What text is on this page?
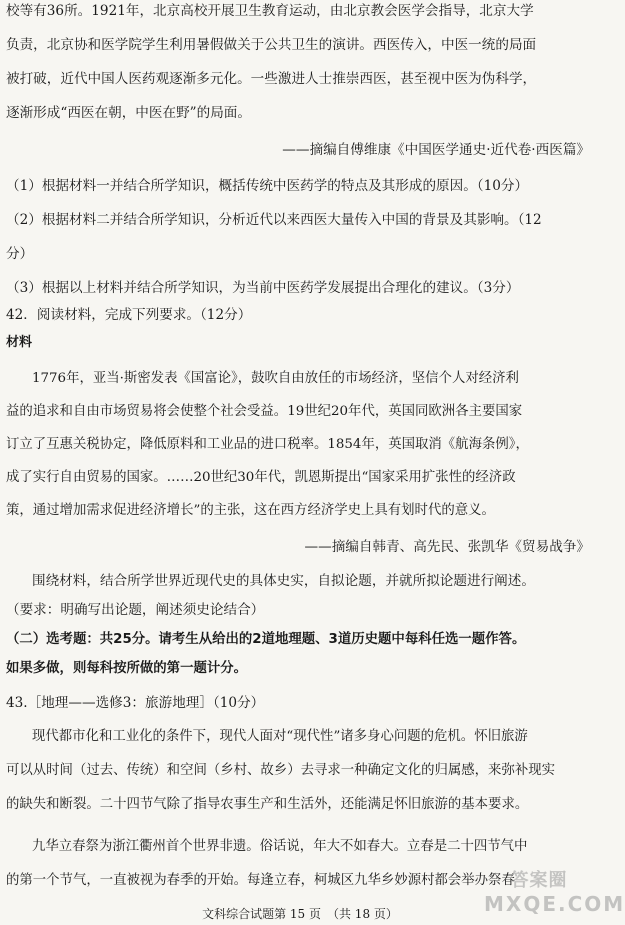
校等有36所。1921年，北京高校开展卫生教育运动，由北京教会医学会指导，北京大学
负责，北京协和医学院学生利用暑假做关于公共卫生的演讲。西医传入，中医一统的局面
被打破，近代中国人医药观逐渐多元化。一些激进人士推崇西医，甚至视中医为伪科学，
逐渐形成“西医在朝，中医在野”的局面。
——摘编自傅维康《中国医学通史·近代卷·西医篇》
（1）根据材料一并结合所学知识，概括传统中医药学的特点及其形成的原因。（10分）
（2）根据材料二并结合所学知识，分析近代以来西医大量传入中国的背景及其影响。（12
分）
（3）根据以上材料并结合所学知识，为当前中医药学发展提出合理化的建议。（3分）
42．阅读材料，完成下列要求。（12分）
材料
1776年，亚当·斯密发表《国富论》，鼓吹自由放任的市场经济，坚信个人对经济利
益的追求和自由市场贸易将会使整个社会受益。19世纪20年代，英国同欧洲各主要国家
订立了互惠关税协定，降低原料和工业品的进口税率。1854年，英国取消《航海条例》，
成了实行自由贸易的国家。……20世纪30年代，凯恩斯提出“国家采用扩张性的经济政
策，通过增加需求促进经济增长”的主张，这在西方经济学史上具有划时代的意义。
——摘编自韩青、高先民、张凯华《贸易战争》
围绕材料，结合所学世界近现代史的具体史实，自拟论题，并就所拟论题进行阐述。
（要求：明确写出论题，阐述须史论结合）
（二）选考题：共25分。请考生从给出的2道地理题、3道历史题中每科任选一题作答。
如果多做，则每科按所做的第一题计分。
43.［地理——选修3：旅游地理］（10分）
现代都市化和工业化的条件下，现代人面对“现代性”诸多身心问题的危机。怀旧旅游
可以从时间（过去、传统）和空间（乡村、故乡）去寻求一种确定文化的归属感，来弥补现实
的缺失和断裂。二十四节气除了指导农事生产和生活外，还能满足怀旧旅游的基本要求。
九华立春祭为浙江衢州首个世界非遗。俗话说，年大不如春大。立春是二十四节气中
的第一个节气，一直被视为春季的开始。每逢立春，柯城区九华乡妙源村都会举办祭春
文科综合试题第 15 页　（共 18 页）
答案圈
MXQE.COM
